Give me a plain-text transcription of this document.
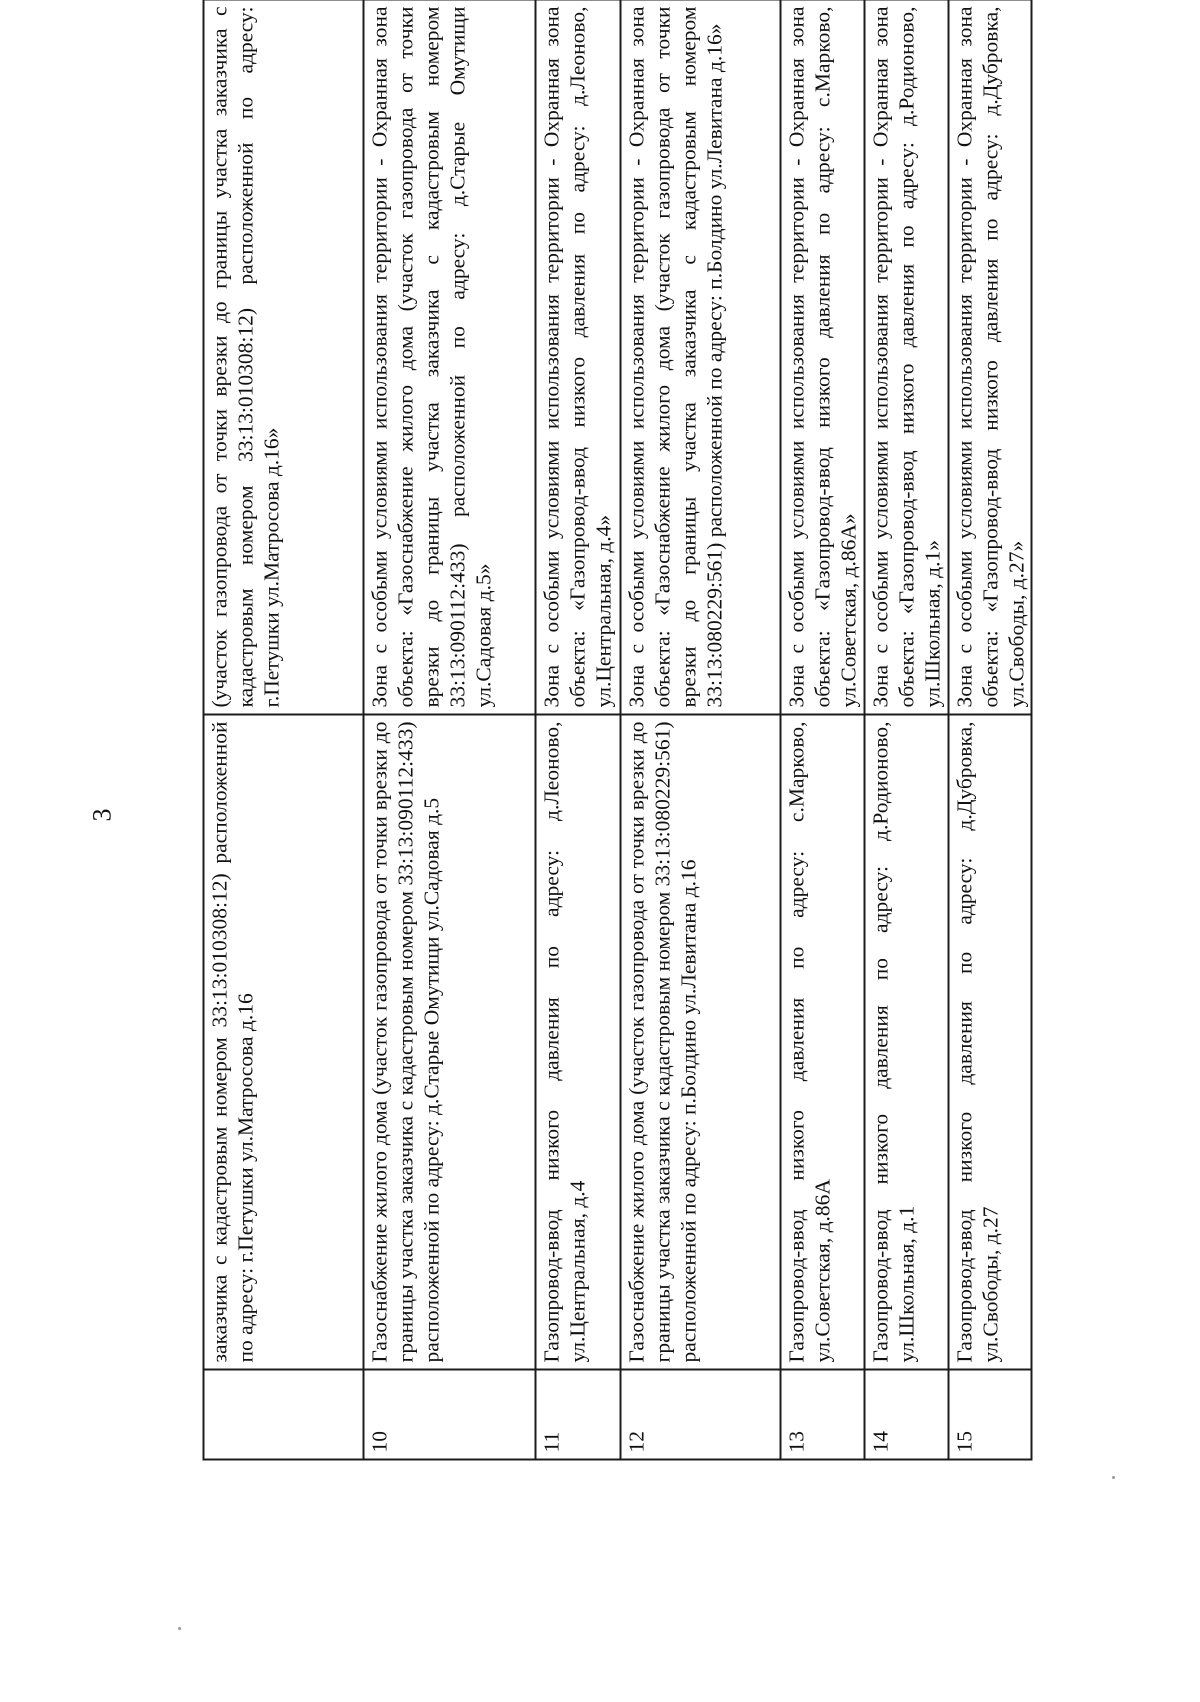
3
		заказчика с кадастровым номером 33:13:010308:12) расположенной по адресу: г.Петушки ул.Матросова д.16	(участок газопровода от точки врезки до границы участка заказчика с кадастровым номером 33:13:010308:12) расположенной по адресу: г.Петушки ул.Матросова д.16»
10	Газоснабжение жилого дома (участок газопровода от точки врезки до границы участка заказчика с кадастровым номером 33:13:090112:433) расположенной по адресу: д.Старые Омутищи ул.Садовая д.5	Зона с особыми условиями использования территории - Охранная зона объекта: «Газоснабжение жилого дома (участок газопровода от точки врезки до границы участка заказчика с кадастровым номером 33:13:090112:433) расположенной по адресу: д.Старые Омутищи ул.Садовая д.5»
11	Газопровод-ввод низкого давления по адресу: д.Леоново, ул.Центральная, д.4	Зона с особыми условиями использования территории - Охранная зона объекта: «Газопровод-ввод низкого давления по адресу: д.Леоново, ул.Центральная, д.4»
12	Газоснабжение жилого дома (участок газопровода от точки врезки до границы участка заказчика с кадастровым номером 33:13:080229:561) расположенной по адресу: п.Болдино ул.Левитана д.16	Зона с особыми условиями использования территории - Охранная зона объекта: «Газоснабжение жилого дома (участок газопровода от точки врезки до границы участка заказчика с кадастровым номером 33:13:080229:561) расположенной по адресу: п.Болдино ул.Левитана д.16»
13	Газопровод-ввод низкого давления по адресу: с.Марково, ул.Советская, д.86А	Зона с особыми условиями использования территории - Охранная зона объекта: «Газопровод-ввод низкого давления по адресу: с.Марково, ул.Советская, д.86А»
14	Газопровод-ввод низкого давления по адресу: д.Родионово, ул.Школьная, д.1	Зона с особыми условиями использования территории - Охранная зона объекта: «Газопровод-ввод низкого давления по адресу: д.Родионово, ул.Школьная, д.1»
15	Газопровод-ввод низкого давления по адресу: д.Дубровка, ул.Свободы, д.27	Зона с особыми условиями использования территории - Охранная зона объекта: «Газопровод-ввод низкого давления по адресу: д.Дубровка, ул.Свободы, д.27»
